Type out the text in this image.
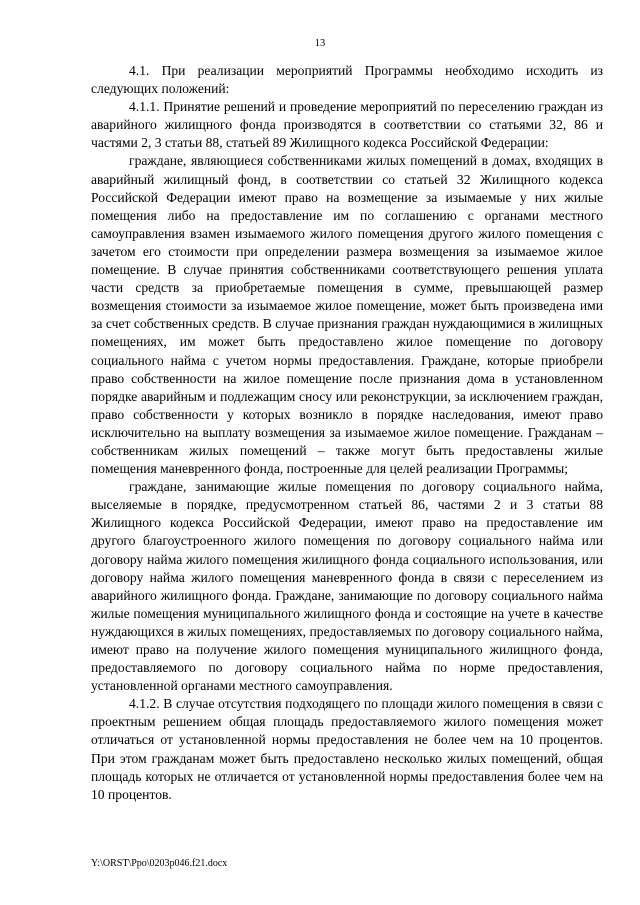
13

4.1. При реализации мероприятий Программы необходимо исходить из следующих положений:

4.1.1. Принятие решений и проведение мероприятий по переселению граждан из аварийного жилищного фонда производятся в соответствии со статьями 32, 86 и частями 2, 3 статьи 88, статьей 89 Жилищного кодекса Российской Федерации:

граждане, являющиеся собственниками жилых помещений в домах, входящих в аварийный жилищный фонд, в соответствии со статьей 32 Жилищного кодекса Российской Федерации имеют право на возмещение за изымаемые у них жилые помещения либо на предоставление им по соглашению с органами местного самоуправления взамен изымаемого жилого помещения другого жилого помещения с зачетом его стоимости при определении размера возмещения за изымаемое жилое помещение. В случае принятия собственниками соответствующего решения уплата части средств за приобретаемые помещения в сумме, превышающей размер возмещения стоимости за изымаемое жилое помещение, может быть произведена ими за счет собственных средств. В случае признания граждан нуждающимися в жилищных помещениях, им может быть предоставлено жилое помещение по договору социального найма с учетом нормы предоставления. Гражданe, которые приобрели право собственности на жилое помещение после признания дома в установленном порядке аварийным и подлежащим сносу или реконструкции, за исключением граждан, право собственности у которых возникло в порядке наследования, имеют право исключительно на выплату возмещения за изымаемое жилое помещение. Гражданам – собственникам жилых помещений – также могут быть предоставлены жилые помещения маневренного фонда, построенные для целей реализации Программы;

граждане, занимающие жилые помещения по договору социального найма, выселяемые в порядке, предусмотренном статьей 86, частями 2 и 3 статьи 88 Жилищного кодекса Российской Федерации, имеют право на предоставление им другого благоустроенного жилого помещения по договору социального найма или договору найма жилого помещения жилищного фонда социального использования, или договору найма жилого помещения маневренного фонда в связи с переселением из аварийного жилищного фонда. Граждане, занимающие по договору социального найма жилые помещения муниципального жилищного фонда и состоящие на учете в качестве нуждающихся в жилых помещениях, предоставляемых по договору социального найма, имеют право на получение жилого помещения муниципального жилищного фонда, предоставляемого по договору социального найма по норме предоставления, установленной органами местного самоуправления.

4.1.2. В случае отсутствия подходящего по площади жилого помещения в связи с проектным решением общая площадь предоставляемого жилого помещения может отличаться от установленной нормы предоставления не более чем на 10 процентов. При этом гражданам может быть предоставлено несколько жилых помещений, общая площадь которых не отличается от установленной нормы предоставления более чем на 10 процентов.

Y:\ORST\Ppo\0203p046.f21.docx
